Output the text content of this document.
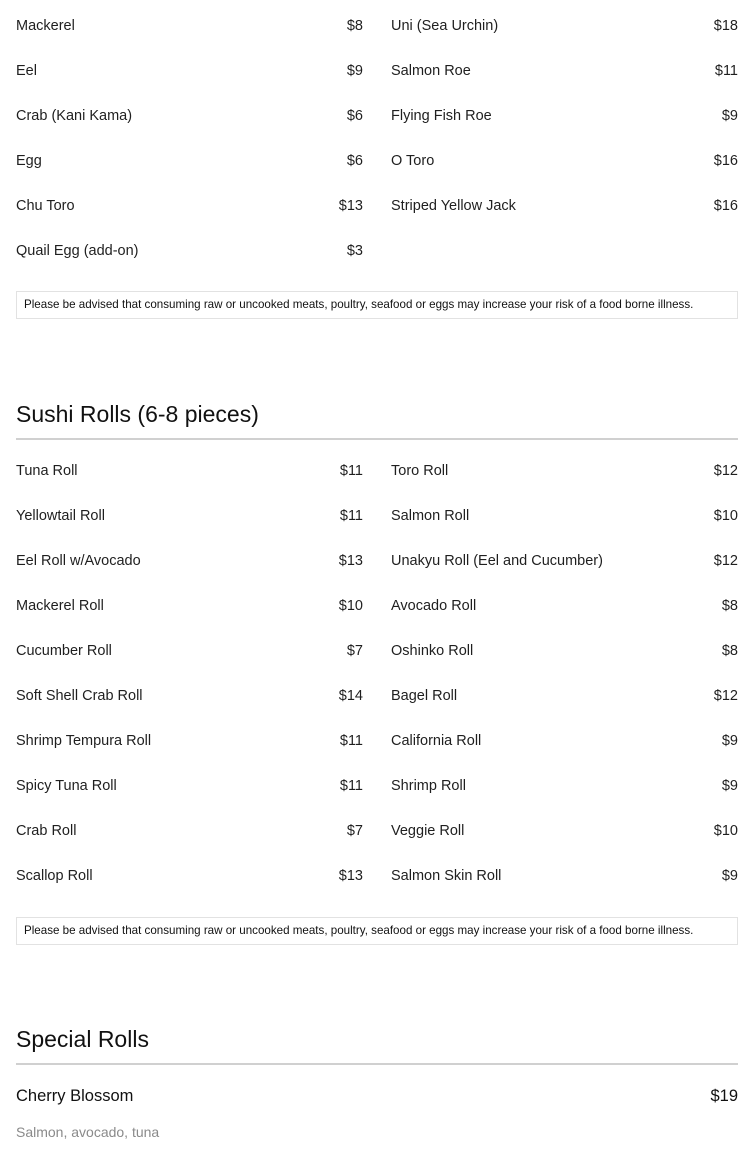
Mackerel	$8
Eel	$9
Crab (Kani Kama)	$6
Egg	$6
Chu Toro	$13
Quail Egg (add-on)	$3
Uni (Sea Urchin)	$18
Salmon Roe	$11
Flying Fish Roe	$9
O Toro	$16
Striped Yellow Jack	$16
Please be advised that consuming raw or uncooked meats, poultry, seafood or eggs may increase your risk of a food borne illness.
Sushi Rolls (6-8 pieces)
Tuna Roll	$11
Yellowtail Roll	$11
Eel Roll w/Avocado	$13
Mackerel Roll	$10
Cucumber Roll	$7
Soft Shell Crab Roll	$14
Shrimp Tempura Roll	$11
Spicy Tuna Roll	$11
Crab Roll	$7
Scallop Roll	$13
Toro Roll	$12
Salmon Roll	$10
Unakyu Roll (Eel and Cucumber)	$12
Avocado Roll	$8
Oshinko Roll	$8
Bagel Roll	$12
California Roll	$9
Shrimp Roll	$9
Veggie Roll	$10
Salmon Skin Roll	$9
Please be advised that consuming raw or uncooked meats, poultry, seafood or eggs may increase your risk of a food borne illness.
Special Rolls
Cherry Blossom	$19
Salmon, avocado, tuna
